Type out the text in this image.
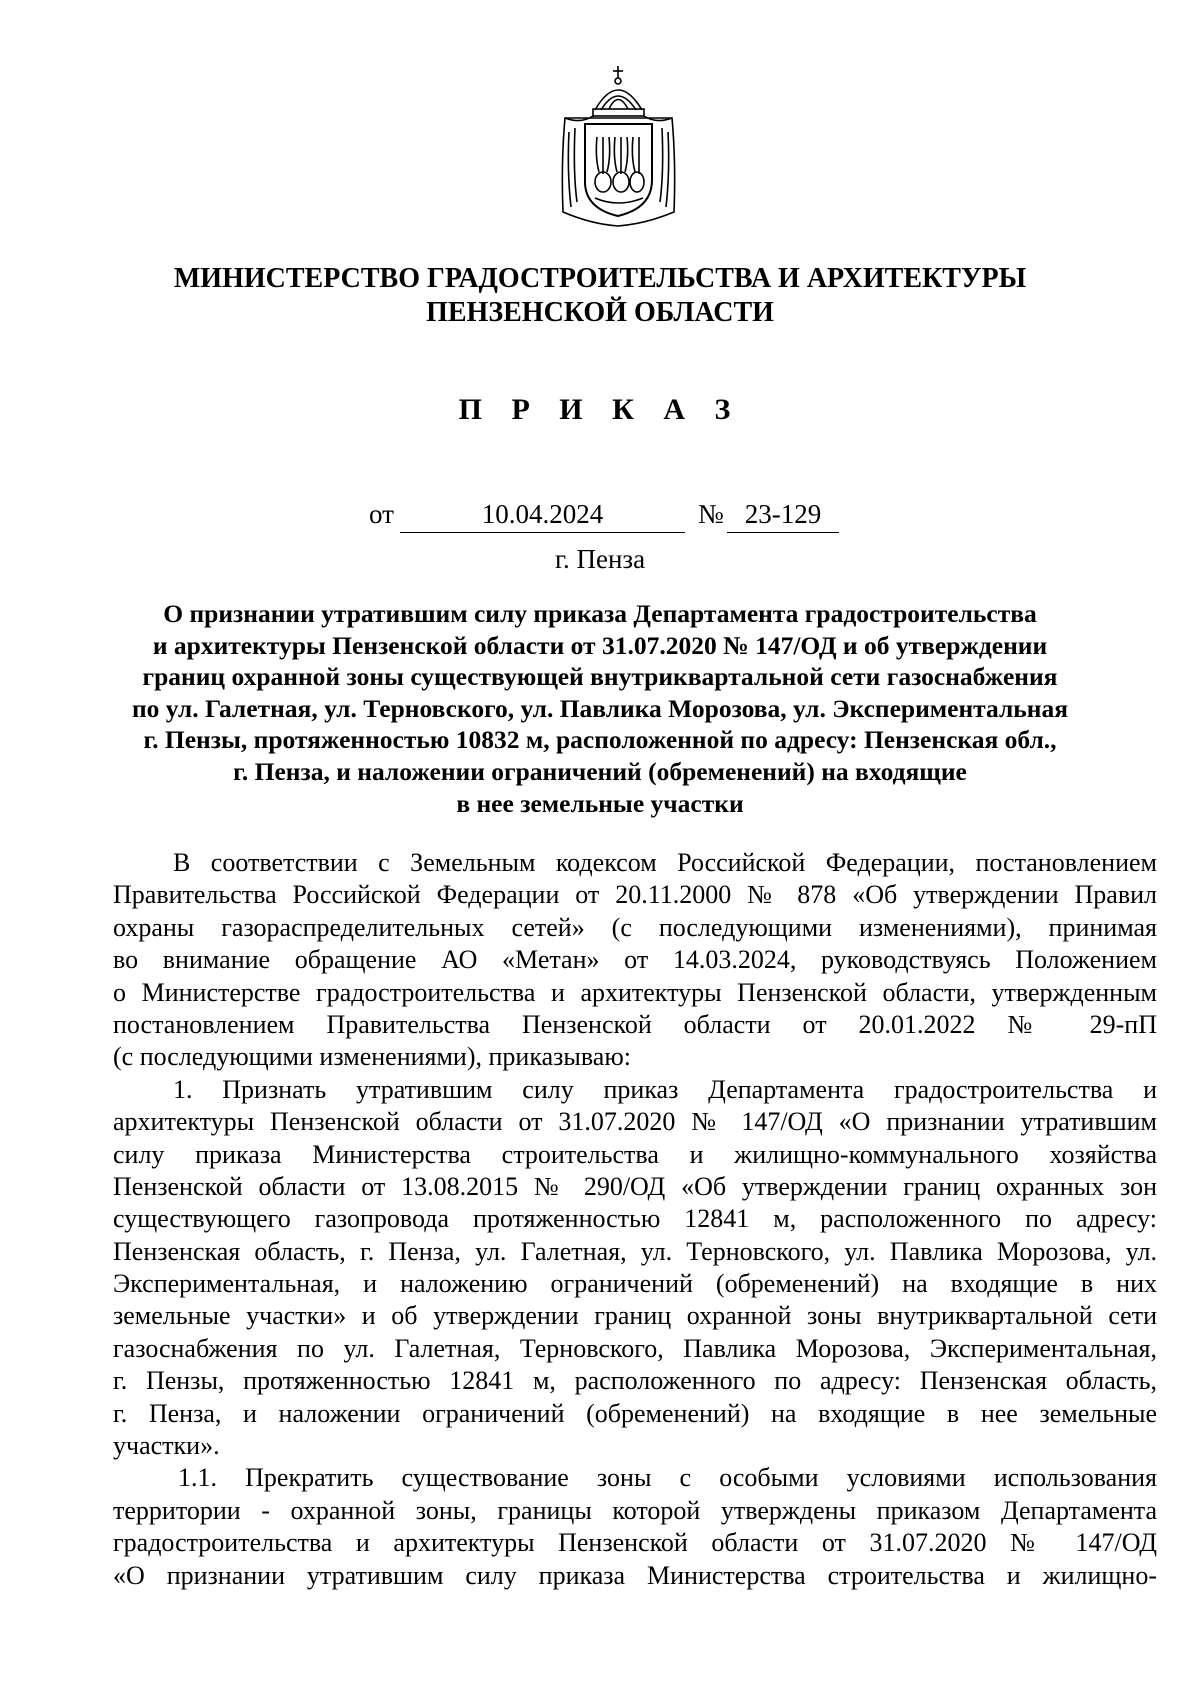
МИНИСТЕРСТВО ГРАДОСТРОИТЕЛЬСТВА И АРХИТЕКТУРЫ
ПЕНЗЕНСКОЙ ОБЛАСТИ
П Р И К А З
от	10.04.2024	№ 23-129
г. Пенза
О признании утратившим силу приказа Департамента градостроительства
и архитектуры Пензенской области от 31.07.2020 № 147/ОД и об утверждении
границ охранной зоны существующей внутриквартальной сети газоснабжения
по ул. Галетная, ул. Терновского, ул. Павлика Морозова, ул. Экспериментальная
г. Пензы, протяженностью 10832 м, расположенной по адресу: Пензенская обл.,
г. Пенза, и наложении ограничений (обременений) на входящие
в нее земельные участки
В соответствии с Земельным кодексом Российской Федерации, постановлением
Правительства Российской Федерации от 20.11.2000 № 878 «Об утверждении Правил
охраны газораспределительных сетей» (с последующими изменениями), принимая
во внимание обращение АО «Метан» от 14.03.2024, руководствуясь Положением
о Министерстве градостроительства и архитектуры Пензенской области, утвержденным
постановлением Правительства Пензенской области от 20.01.2022 № 29-пП
(с последующими изменениями), приказываю:
1. Признать утратившим силу приказ Департамента градостроительства и
архитектуры Пензенской области от 31.07.2020 № 147/ОД «О признании утратившим
силу приказа Министерства строительства и жилищно-коммунального хозяйства
Пензенской области от 13.08.2015 № 290/ОД «Об утверждении границ охранных зон
существующего газопровода протяженностью 12841 м, расположенного по адресу:
Пензенская область, г. Пенза, ул. Галетная, ул. Терновского, ул. Павлика Морозова, ул.
Экспериментальная, и наложению ограничений (обременений) на входящие в них
земельные участки» и об утверждении границ охранной зоны внутриквартальной сети
газоснабжения по ул. Галетная, Терновского, Павлика Морозова, Экспериментальная,
г. Пензы, протяженностью 12841 м, расположенного по адресу: Пензенская область,
г. Пенза, и наложении ограничений (обременений) на входящие в нее земельные
участки».
1.1. Прекратить существование зоны с особыми условиями использования
территории - охранной зоны, границы которой утверждены приказом Департамента
градостроительства и архитектуры Пензенской области от 31.07.2020 № 147/ОД
«О признании утратившим силу приказа Министерства строительства и жилищно-
